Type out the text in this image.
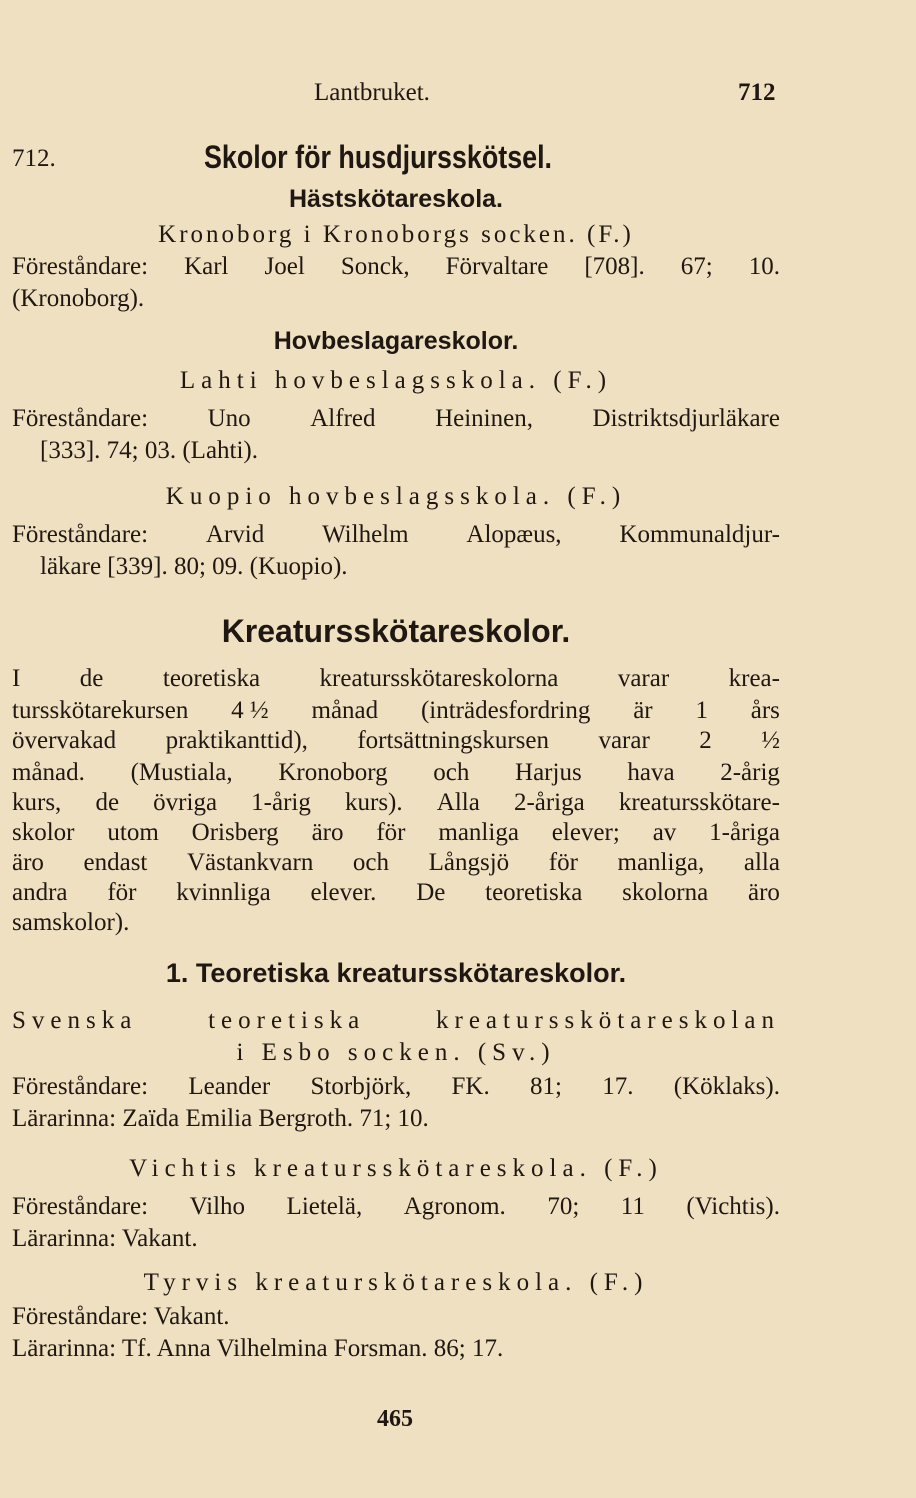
Lantbruket.	712
712.	Skolor för husdjursskötsel.
Hästskötareskola.
Kronoborg i Kronoborgs socken. (F.)
Föreståndare: Karl Joel Sonck, Förvaltare [708]. 67; 10.
(Kronoborg).
Hovbeslagareskolor.
Lahti hovbeslagsskola. (F.)
Föreståndare: Uno Alfred Heininen, Distriktsdjurläkare
[333]. 74; 03. (Lahti).
Kuopio hovbeslagsskola. (F.)
Föreståndare: Arvid Wilhelm Alopæus, Kommunaldjur-
läkare [339]. 80; 09. (Kuopio).
Kreatursskötareskolor.
I de teoretiska kreatursskötareskolorna varar krea-
tursskötarekursen 4 ½ månad (inträdesfordring är 1 års
övervakad praktikanttid), fortsättningskursen varar 2 ½
månad. (Mustiala, Kronoborg och Harjus hava 2-årig
kurs, de övriga 1-årig kurs). Alla 2-åriga kreatursskötare-
skolor utom Orisberg äro för manliga elever; av 1-åriga
äro endast Västankvarn och Långsjö för manliga, alla
andra för kvinnliga elever. De teoretiska skolorna äro
samskolor).
1. Teoretiska kreatursskötareskolor.
Svenska	teoretiska	kreatursskötareskolan
i Esbo socken. (Sv.)
Föreståndare: Leander Storbjörk, FK. 81; 17. (Köklaks).
Lärarinna: Zaïda Emilia Bergroth. 71; 10.
Vichtis kreatursskötareskola. (F.)
Föreståndare: Vilho Lietelä, Agronom. 70; 11 (Vichtis).
Lärarinna: Vakant.
Tyrvis kreaturskötareskola. (F.)
Föreståndare: Vakant.
Lärarinna: Tf. Anna Vilhelmina Forsman. 86; 17.
465
